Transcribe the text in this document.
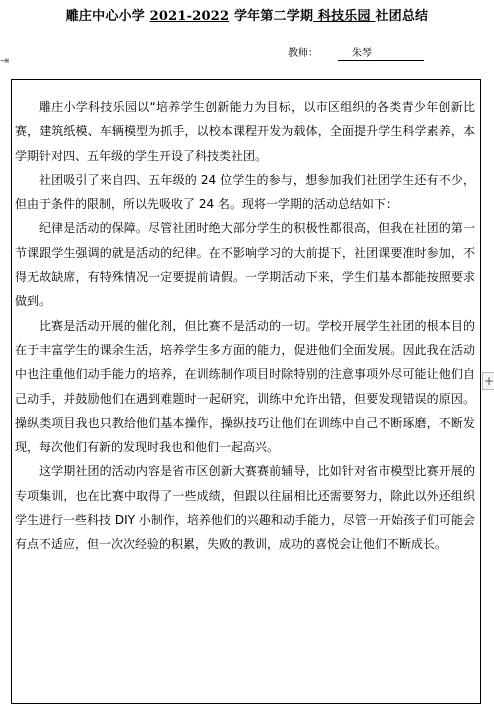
雕庄中心小学 2021-2022 学年第二学期 科技乐园 社团总结
教师：	朱琴
⇥

雕庄小学科技乐园以“培养学生创新能力为目标，以市区组织的各类青少年创新比赛，建筑纸模、车辆模型为抓手，以校本课程开发为载体，全面提升学生科学素养，本学期针对四、五年级的学生开设了科技类社团。

社团吸引了来自四、五年级的 24 位学生的参与，想参加我们社团学生还有不少，但由于条件的限制，所以先吸收了 24 名。现将一学期的活动总结如下：

纪律是活动的保障。尽管社团时绝大部分学生的积极性都很高，但我在社团的第一节课跟学生强调的就是活动的纪律。在不影响学习的大前提下，社团课要准时参加，不得无故缺席，有特殊情况一定要提前请假。一学期活动下来，学生们基本都能按照要求做到。

比赛是活动开展的催化剂，但比赛不是活动的一切。学校开展学生社团的根本目的在于丰富学生的课余生活，培养学生多方面的能力，促进他们全面发展。因此我在活动中也注重他们动手能力的培养，在训练制作项目时除特别的注意事项外尽可能让他们自己动手，并鼓励他们在遇到难题时一起研究，训练中允许出错，但要发现错误的原因。操纵类项目我也只教给他们基本操作，操纵技巧让他们在训练中自己不断琢磨，不断发现，每次他们有新的发现时我也和他们一起高兴。

这学期社团的活动内容是省市区创新大赛赛前辅导，比如针对省市模型比赛开展的专项集训，也在比赛中取得了一些成绩，但跟以往届相比还需要努力，除此以外还组织学生进行一些科技 DIY 小制作，培养他们的兴趣和动手能力，尽管一开始孩子们可能会有点不适应，但一次次经验的积累，失败的教训，成功的喜悦会让他们不断成长。

+
